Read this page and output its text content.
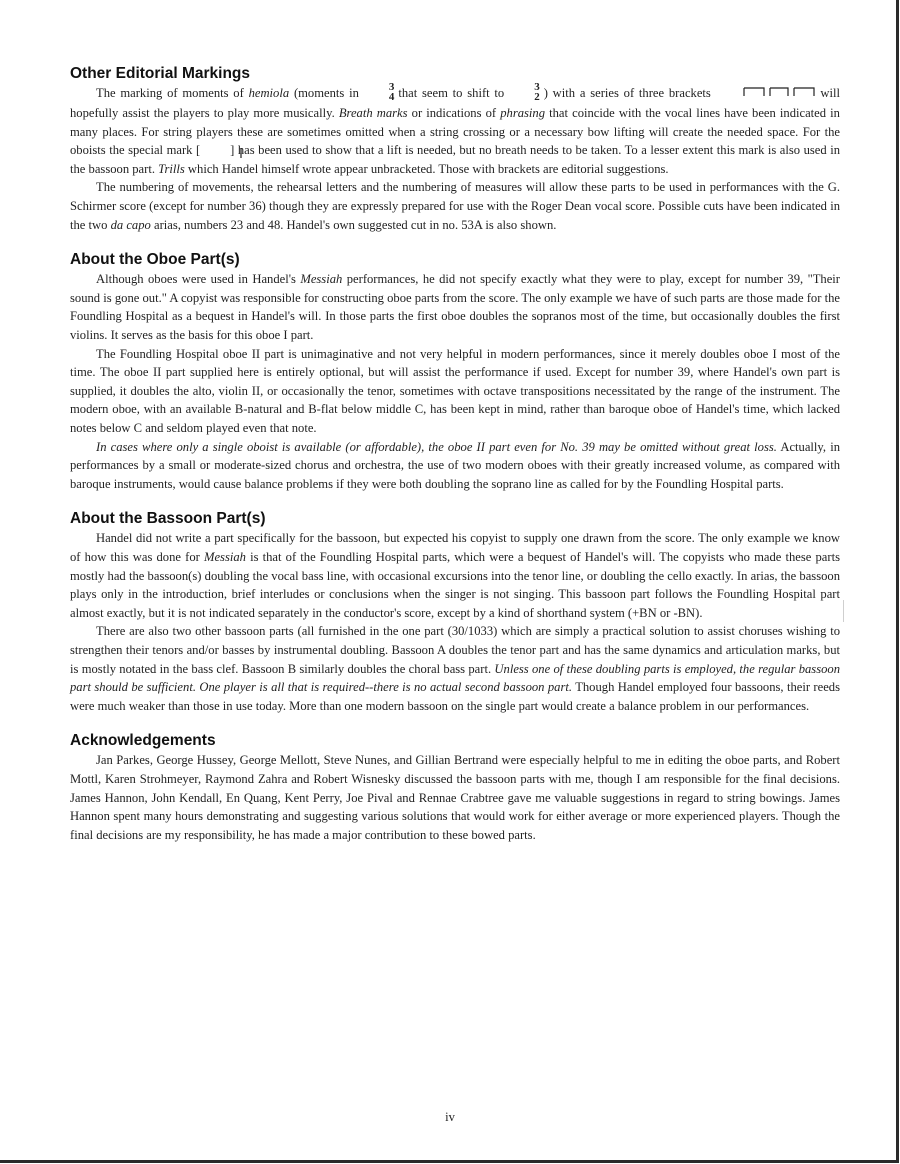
Other Editorial Markings

The marking of moments of hemiola (moments in	3
4 that seem to shift to	3
2 ) with a series of three brackets	will hopefully assist the players to play more musically. Breath marks or indications of phrasing that coincide with the vocal lines have been indicated in many places. For string players these are sometimes omitted when a string crossing or a necessary bow lifting will create the needed space. For the oboists the special mark [ ] has been used to show that a lift is needed, but no breath needs to be taken. To a lesser extent this mark is also used in the bassoon part. Trills which Handel himself wrote appear unbracketed. Those with brackets are editorial suggestions.

The numbering of movements, the rehearsal letters and the numbering of measures will allow these parts to be used in performances with the G. Schirmer score (except for number 36) though they are expressly prepared for use with the Roger Dean vocal score. Possible cuts have been indicated in the two da capo arias, numbers 23 and 48. Handel's own suggested cut in no. 53A is also shown.

About the Oboe Part(s)

Although oboes were used in Handel's Messiah performances, he did not specify exactly what they were to play, except for number 39, "Their sound is gone out." A copyist was responsible for constructing oboe parts from the score. The only example we have of such parts are those made for the Foundling Hospital as a bequest in Handel's will. In those parts the first oboe doubles the sopranos most of the time, but occasionally doubles the first violins. It serves as the basis for this oboe I part.

The Foundling Hospital oboe II part is unimaginative and not very helpful in modern performances, since it merely doubles oboe I most of the time. The oboe II part supplied here is entirely optional, but will assist the performance if used. Except for number 39, where Handel's own part is supplied, it doubles the alto, violin II, or occasionally the tenor, sometimes with octave transpositions necessitated by the range of the instrument. The modern oboe, with an available B-natural and B-flat below middle C, has been kept in mind, rather than baroque oboe of Handel's time, which lacked notes below C and seldom played even that note.

In cases where only a single oboist is available (or affordable), the oboe II part even for No. 39 may be omitted without great loss. Actually, in performances by a small or moderate-sized chorus and orchestra, the use of two modern oboes with their greatly increased volume, as compared with baroque instruments, would cause balance problems if they were both doubling the soprano line as called for by the Foundling Hospital parts.

About the Bassoon Part(s)

Handel did not write a part specifically for the bassoon, but expected his copyist to supply one drawn from the score. The only example we know of how this was done for Messiah is that of the Foundling Hospital parts, which were a bequest of Handel's will. The copyists who made these parts mostly had the bassoon(s) doubling the vocal bass line, with occasional excursions into the tenor line, or doubling the cello exactly. In arias, the bassoon plays only in the introduction, brief interludes or conclusions when the singer is not singing. This bassoon part follows the Foundling Hospital part almost exactly, but it is not indicated separately in the conductor's score, except by a kind of shorthand system (+BN or -BN).

There are also two other bassoon parts (all furnished in the one part (30/1033) which are simply a practical solution to assist choruses wishing to strengthen their tenors and/or basses by instrumental doubling. Bassoon A doubles the tenor part and has the same dynamics and articulation marks, but is mostly notated in the bass clef. Bassoon B similarly doubles the choral bass part. Unless one of these doubling parts is employed, the regular bassoon part should be sufficient. One player is all that is required--there is no actual second bassoon part. Though Handel employed four bassoons, their reeds were much weaker than those in use today. More than one modern bassoon on the single part would create a balance problem in our performances.

Acknowledgements

Jan Parkes, George Hussey, George Mellott, Steve Nunes, and Gillian Bertrand were especially helpful to me in editing the oboe parts, and Robert Mottl, Karen Strohmeyer, Raymond Zahra and Robert Wisnesky discussed the bassoon parts with me, though I am responsible for the final decisions. James Hannon, John Kendall, En Quang, Kent Perry, Joe Pival and Rennae Crabtree gave me valuable suggestions in regard to string bowings. James Hannon spent many hours demonstrating and suggesting various solutions that would work for either average or more experienced players. Though the final decisions are my responsibility, he has made a major contribution to these bowed parts.

iv
